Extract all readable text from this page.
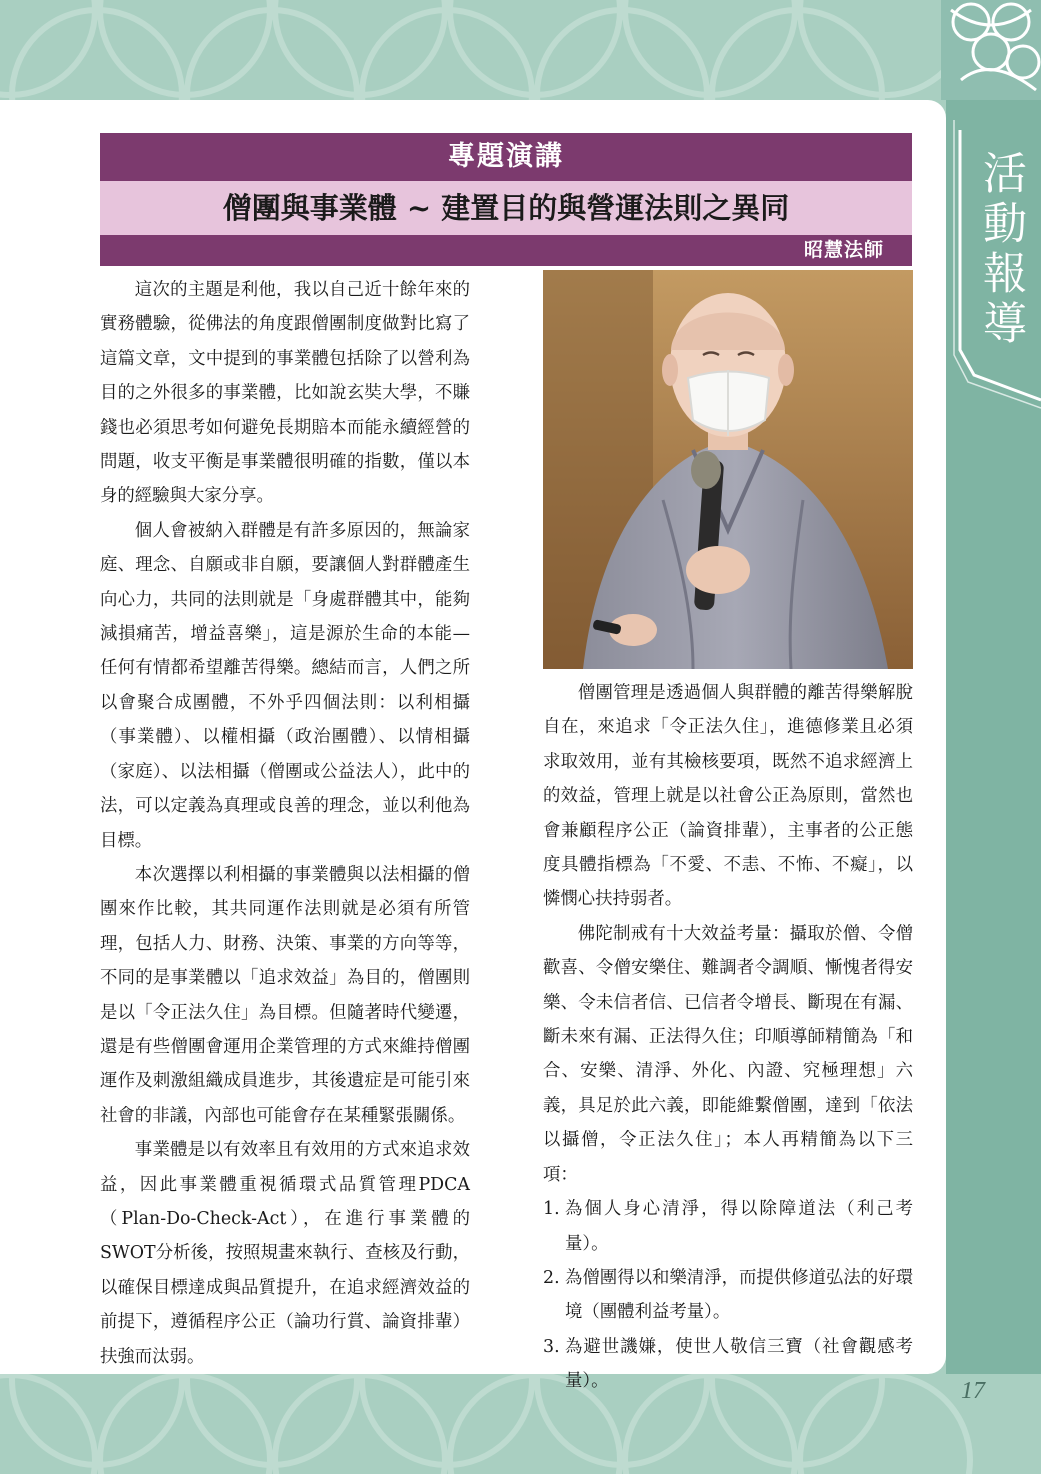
活動報導
專題演講
僧團與事業體 ~ 建置目的與營運法則之異同
昭慧法師

這次的主題是利他，我以自己近十餘年來的實務體驗，從佛法的角度跟僧團制度做對比寫了這篇文章，文中提到的事業體包括除了以營利為目的之外很多的事業體，比如說玄奘大學，不賺錢也必須思考如何避免長期賠本而能永續經營的問題，收支平衡是事業體很明確的指數，僅以本身的經驗與大家分享。

個人會被納入群體是有許多原因的，無論家庭、理念、自願或非自願，要讓個人對群體產生向心力，共同的法則就是「身處群體其中，能夠減損痛苦，增益喜樂」，這是源於生命的本能—任何有情都希望離苦得樂。總結而言，人們之所以會聚合成團體，不外乎四個法則：以利相攝（事業體）、以權相攝（政治團體）、以情相攝（家庭）、以法相攝（僧團或公益法人），此中的法，可以定義為真理或良善的理念，並以利他為目標。

本次選擇以利相攝的事業體與以法相攝的僧團來作比較，其共同運作法則就是必須有所管理，包括人力、財務、決策、事業的方向等等，不同的是事業體以「追求效益」為目的，僧團則是以「令正法久住」為目標。但隨著時代變遷，還是有些僧團會運用企業管理的方式來維持僧團運作及刺激組織成員進步，其後遺症是可能引來社會的非議，內部也可能會存在某種緊張關係。

事業體是以有效率且有效用的方式來追求效益，因此事業體重視循環式品質管理PDCA（Plan-Do-Check-Act），在進行事業體的SWOT分析後，按照規畫來執行、查核及行動，以確保目標達成與品質提升，在追求經濟效益的前提下，遵循程序公正（論功行賞、論資排輩）扶強而汰弱。

僧團管理是透過個人與群體的離苦得樂解脫自在，來追求「令正法久住」，進德修業且必須求取效用，並有其檢核要項，既然不追求經濟上的效益，管理上就是以社會公正為原則，當然也會兼顧程序公正（論資排輩），主事者的公正態度具體指標為「不愛、不恚、不怖、不癡」，以憐憫心扶持弱者。

佛陀制戒有十大效益考量：攝取於僧、令僧歡喜、令僧安樂住、難調者令調順、慚愧者得安樂、令未信者信、已信者令增長、斷現在有漏、斷未來有漏、正法得久住；印順導師精簡為「和合、安樂、清淨、外化、內證、究極理想」六義，具足於此六義，即能維繫僧團，達到「依法以攝僧，令正法久住」；本人再精簡為以下三項：

1. 為個人身心清淨，得以除障道法（利己考量）。
2. 為僧團得以和樂清淨，而提供修道弘法的好環境（團體利益考量）。
3. 為避世譏嫌，使世人敬信三寶（社會觀感考量）。	17
